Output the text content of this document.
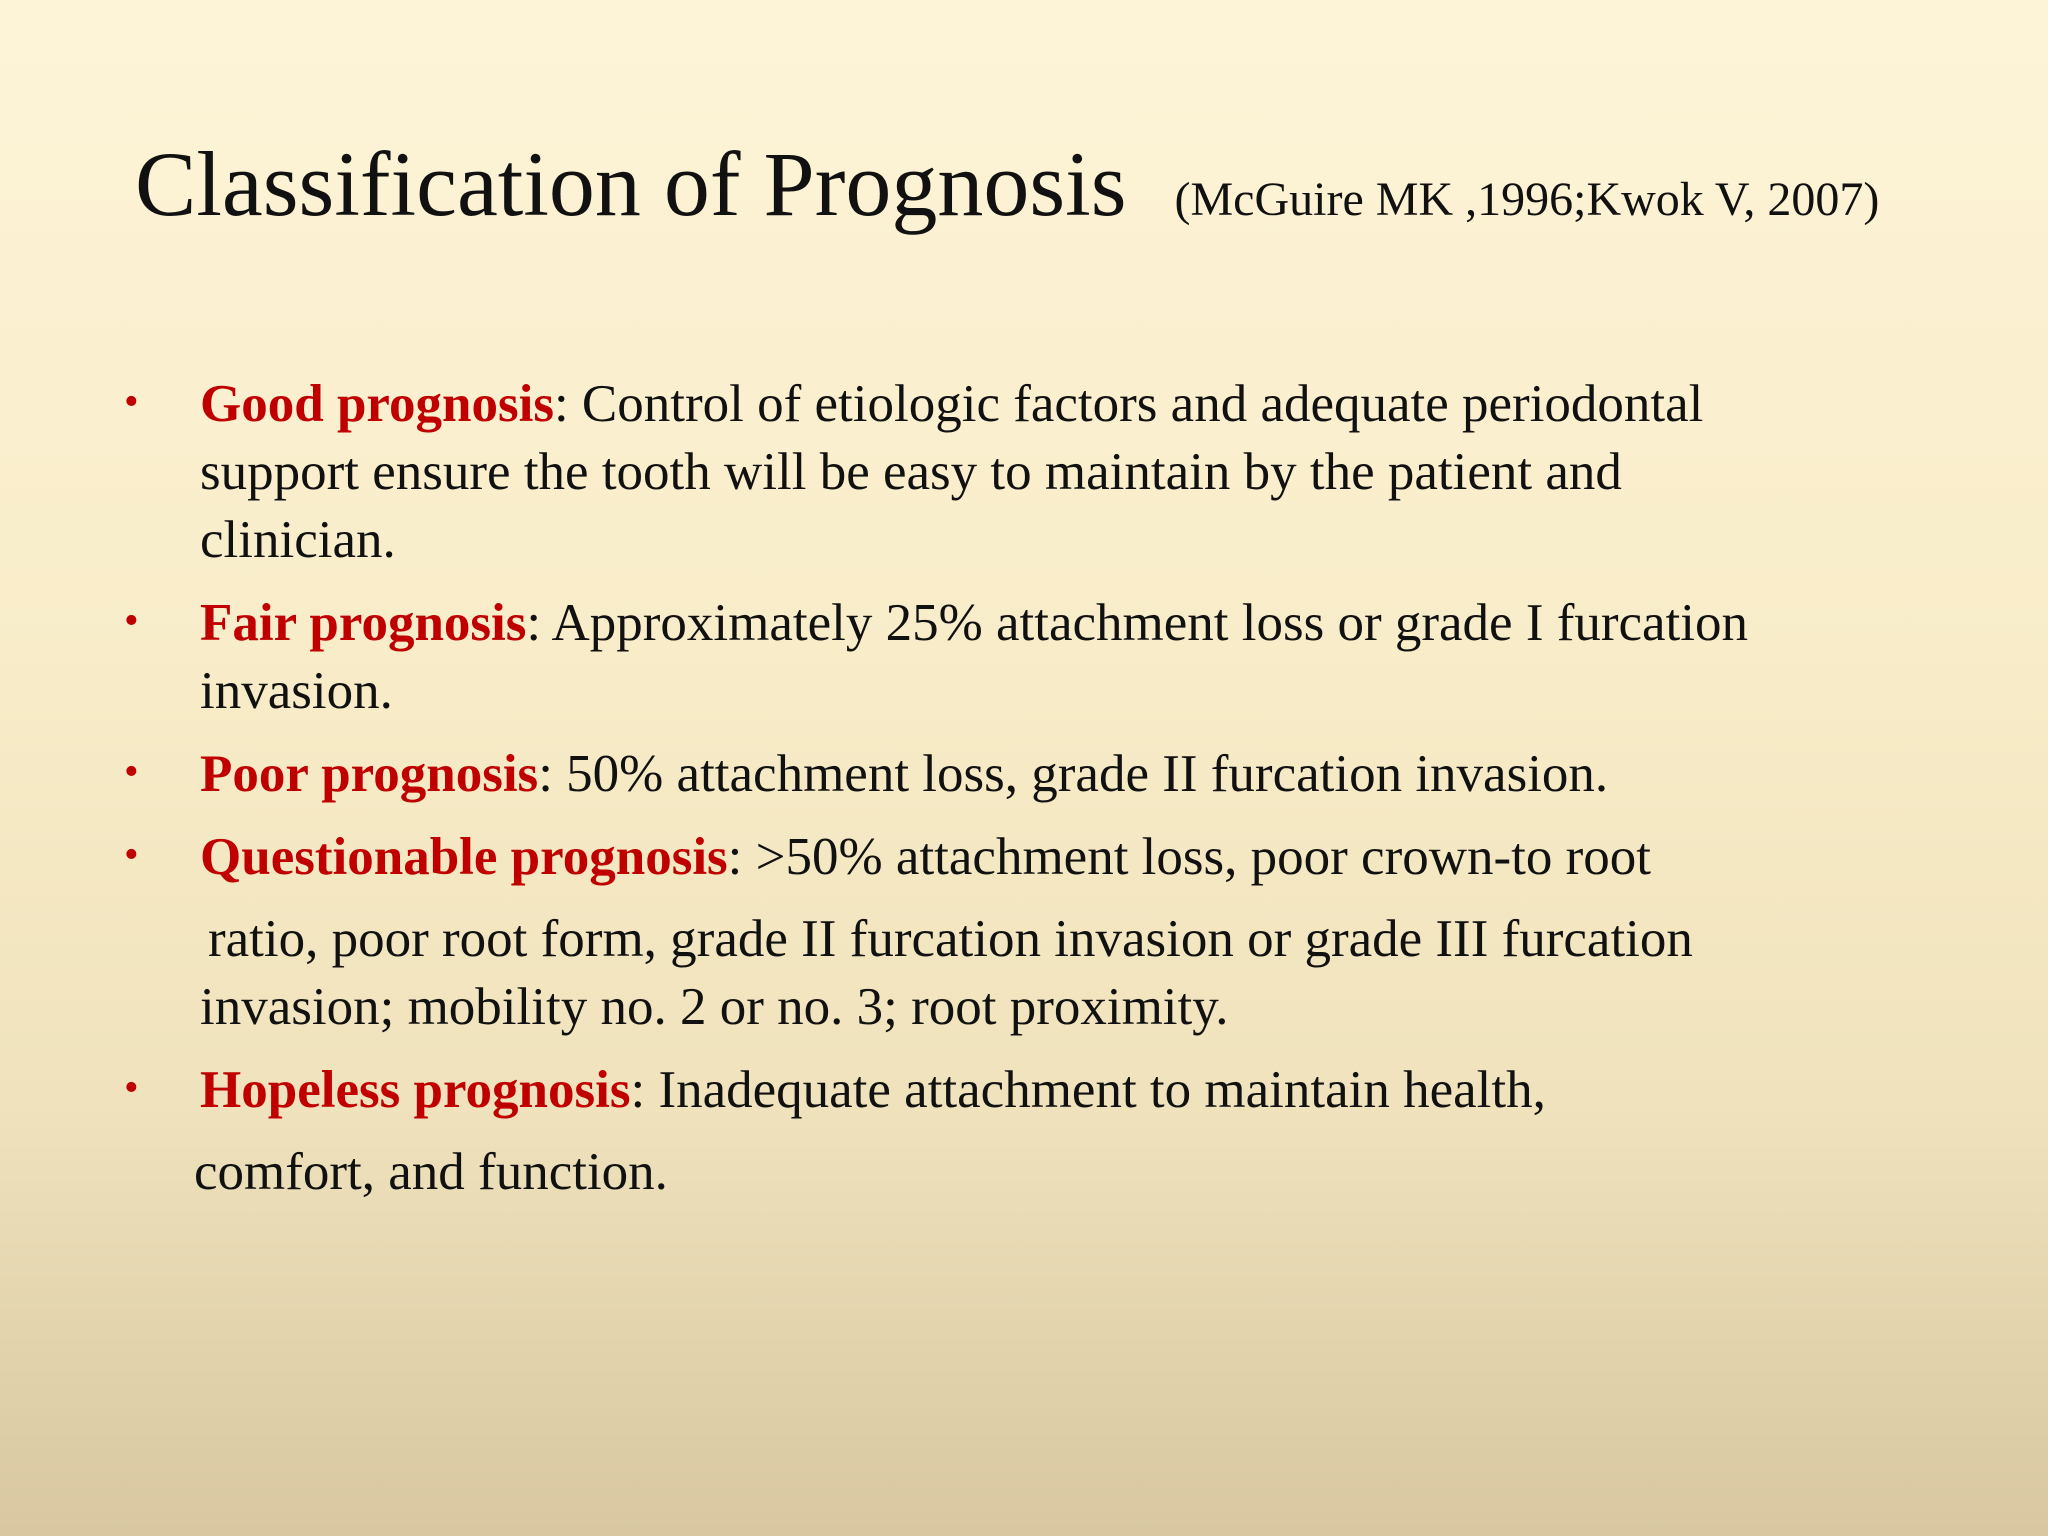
Classification of Prognosis (McGuire MK ,1996;Kwok V, 2007)
• Good prognosis: Control of etiologic factors and adequate periodontal
support ensure the tooth will be easy to maintain by the patient and
clinician.
• Fair prognosis: Approximately 25% attachment loss or grade I furcation
invasion.
• Poor prognosis: 50% attachment loss, grade II furcation invasion.
• Questionable prognosis: >50% attachment loss, poor crown-to root
ratio, poor root form, grade II furcation invasion or grade III furcation
invasion; mobility no. 2 or no. 3; root proximity.
• Hopeless prognosis: Inadequate attachment to maintain health,
comfort, and function.
